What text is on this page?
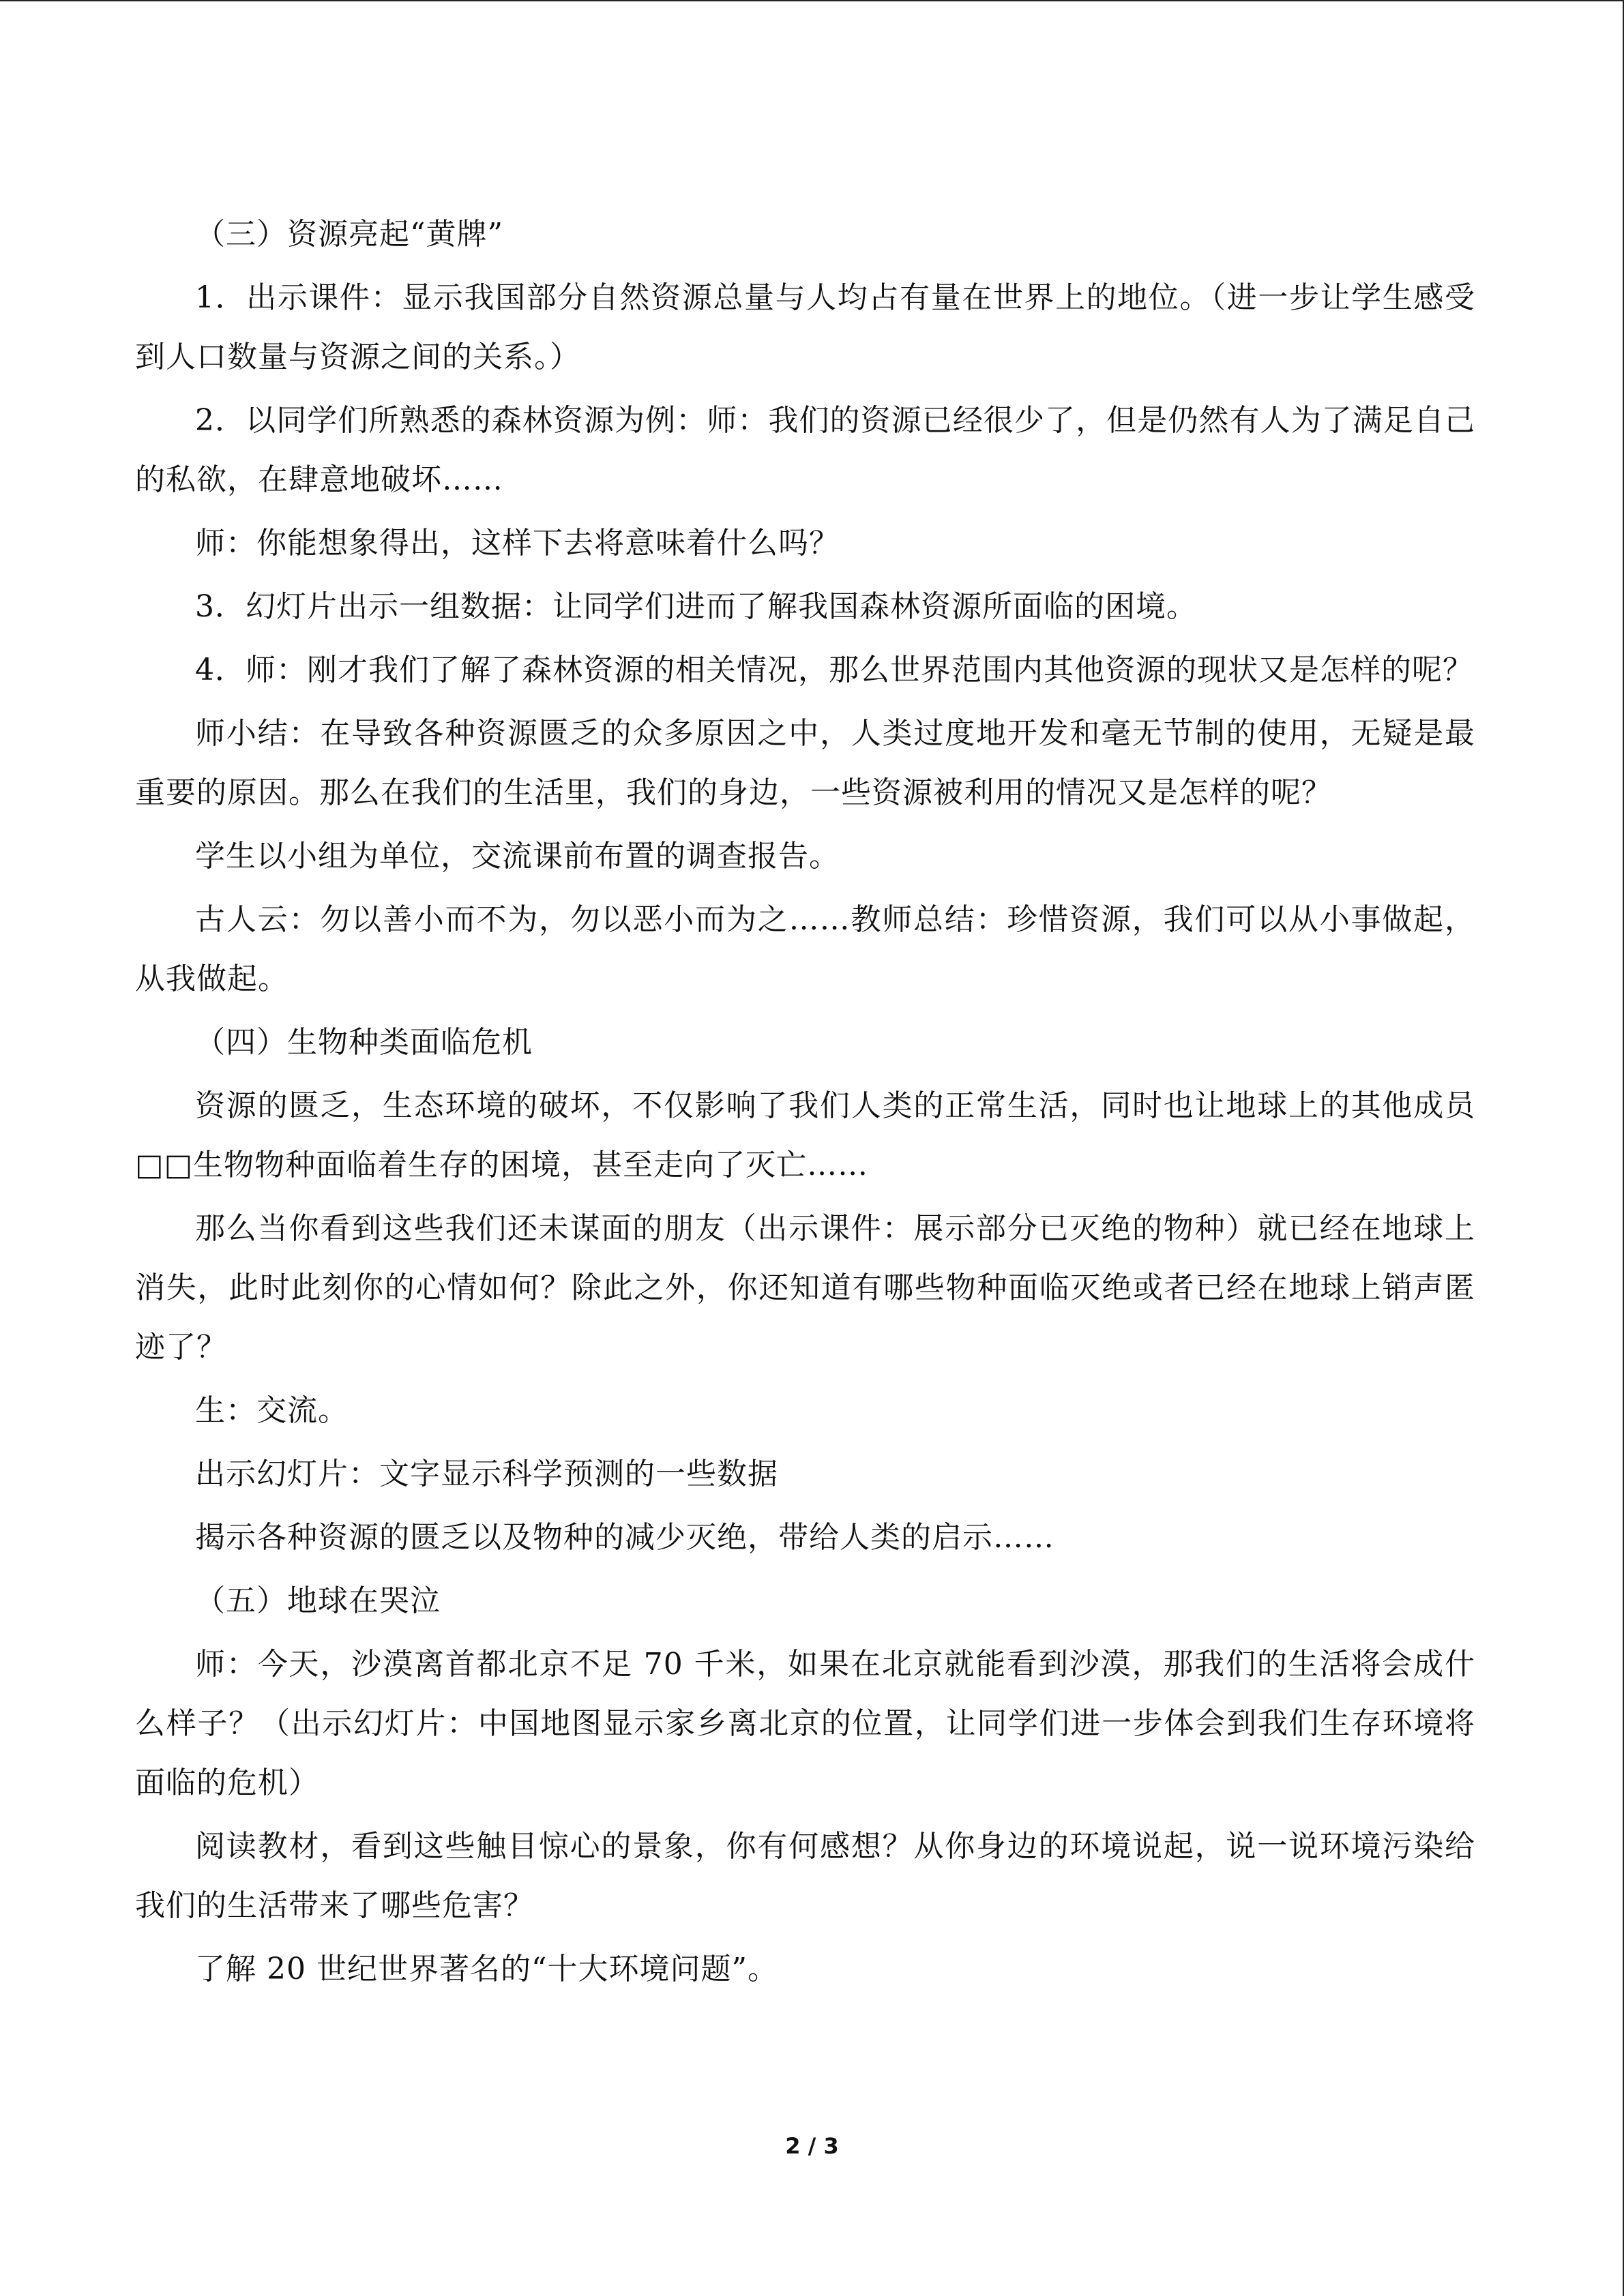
（三）资源亮起“黄牌”

1．出示课件：显示我国部分自然资源总量与人均占有量在世界上的地位。（进一步让学生感受到人口数量与资源之间的关系。）

2．以同学们所熟悉的森林资源为例：师：我们的资源已经很少了，但是仍然有人为了满足自己的私欲，在肆意地破坏……

师：你能想象得出，这样下去将意味着什么吗？

3．幻灯片出示一组数据：让同学们进而了解我国森林资源所面临的困境。

4．师：刚才我们了解了森林资源的相关情况，那么世界范围内其他资源的现状又是怎样的呢？

师小结：在导致各种资源匮乏的众多原因之中，人类过度地开发和毫无节制的使用，无疑是最重要的原因。那么在我们的生活里，我们的身边，一些资源被利用的情况又是怎样的呢？

学生以小组为单位，交流课前布置的调查报告。

古人云：勿以善小而不为，勿以恶小而为之……教师总结：珍惜资源，我们可以从小事做起，从我做起。

（四）生物种类面临危机

资源的匮乏，生态环境的破坏，不仅影响了我们人类的正常生活，同时也让地球上的其他成员□□生物物种面临着生存的困境，甚至走向了灭亡……

那么当你看到这些我们还未谋面的朋友（出示课件：展示部分已灭绝的物种）就已经在地球上消失，此时此刻你的心情如何？除此之外，你还知道有哪些物种面临灭绝或者已经在地球上销声匿迹了？

生：交流。

出示幻灯片：文字显示科学预测的一些数据

揭示各种资源的匮乏以及物种的减少灭绝，带给人类的启示……

（五）地球在哭泣

师：今天，沙漠离首都北京不足 70 千米，如果在北京就能看到沙漠，那我们的生活将会成什么样子？（出示幻灯片：中国地图显示家乡离北京的位置，让同学们进一步体会到我们生存环境将面临的危机）

阅读教材，看到这些触目惊心的景象，你有何感想？从你身边的环境说起，说一说环境污染给我们的生活带来了哪些危害？

了解 20 世纪世界著名的“十大环境问题”。

2 / 3
